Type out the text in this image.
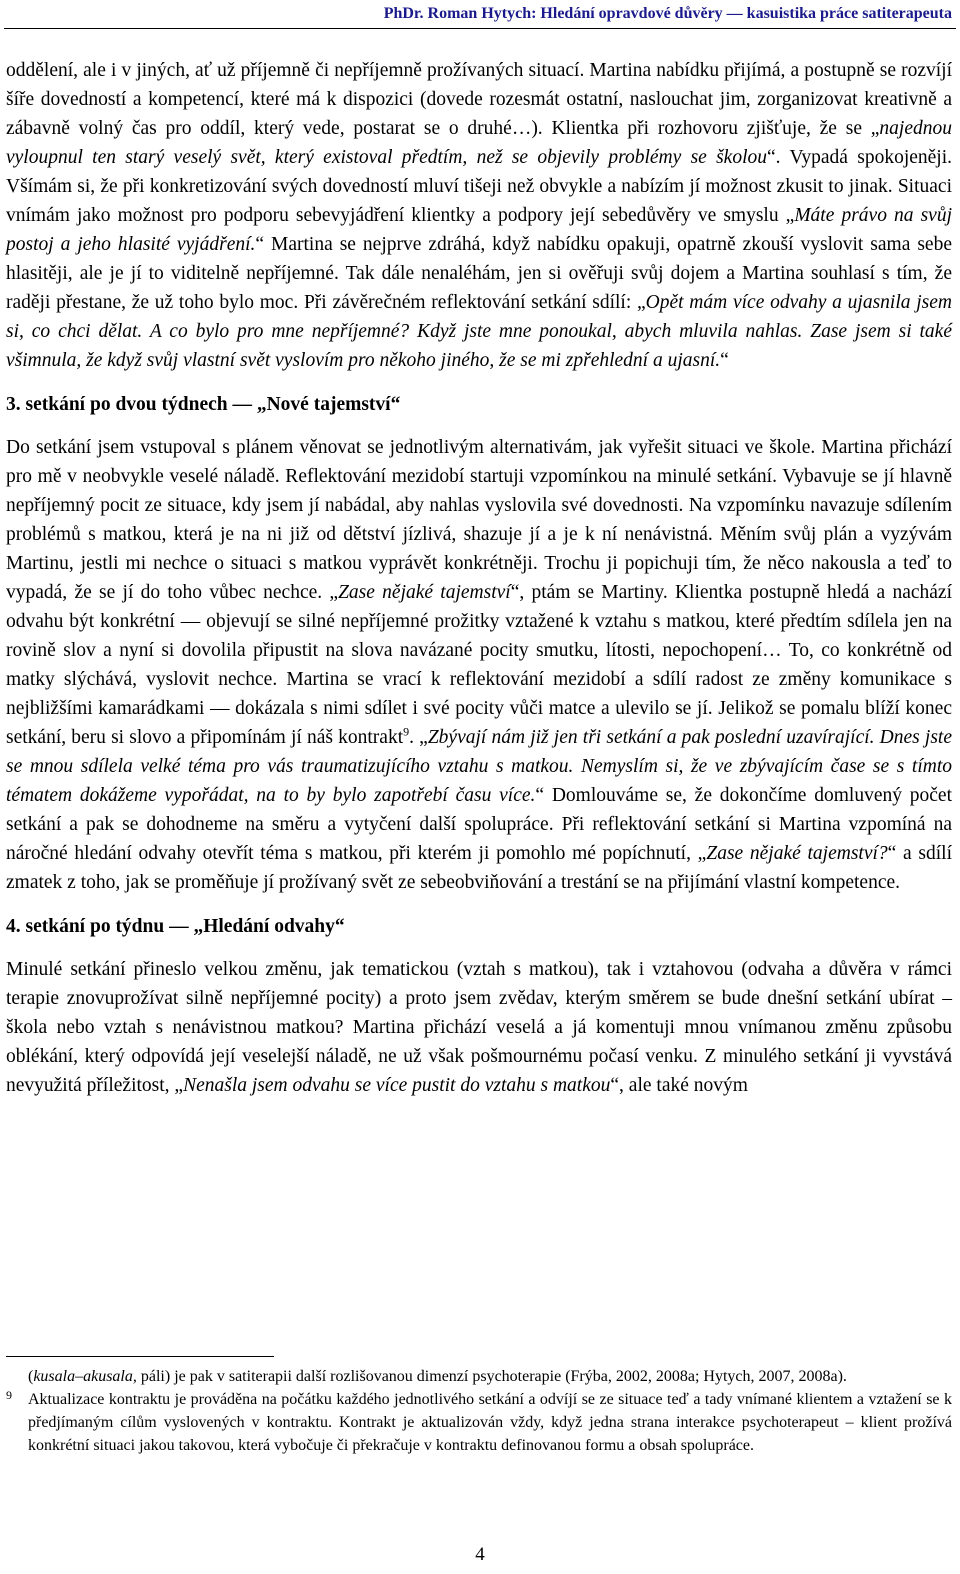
PhDr. Roman Hytych: Hledání opravdové důvěry — kasuistika práce satiterapeuta

oddělení, ale i v jiných, ať už příjemně či nepříjemně prožívaných situací. Martina nabídku přijímá, a postupně se rozvíjí šíře dovedností a kompetencí, které má k dispozici (dovede rozesmát ostatní, naslouchat jim, zorganizovat kreativně a zábavně volný čas pro oddíl, který vede, postarat se o druhé…). Klientka při rozhovoru zjišťuje, že se „najednou vyloupnul ten starý veselý svět, který existoval předtím, než se objevily problémy se školou“. Vypadá spokojeněji. Všímám si, že při konkretizování svých dovedností mluví tišeji než obvykle a nabízím jí možnost zkusit to jinak. Situaci vnímám jako možnost pro podporu sebevyjádření klientky a podpory její sebedůvěry ve smyslu „Máte právo na svůj postoj a jeho hlasité vyjádření.“ Martina se nejprve zdráhá, když nabídku opakuji, opatrně zkouší vyslovit sama sebe hlasitěji, ale je jí to viditelně nepříjemné. Tak dále nenaléhám, jen si ověřuji svůj dojem a Martina souhlasí s tím, že raději přestane, že už toho bylo moc. Při závěrečném reflektování setkání sdílí: „Opět mám více odvahy a ujasnila jsem si, co chci dělat. A co bylo pro mne nepříjemné? Když jste mne ponoukal, abych mluvila nahlas. Zase jsem si také všimnula, že když svůj vlastní svět vyslovím pro někoho jiného, že se mi zpřehlední a ujasní.“

3. setkání po dvou týdnech — „Nové tajemství“

Do setkání jsem vstupoval s plánem věnovat se jednotlivým alternativám, jak vyřešit situaci ve škole. Martina přichází pro mě v neobvykle veselé náladě. Reflektování mezidobí startuji vzpomínkou na minulé setkání. Vybavuje se jí hlavně nepříjemný pocit ze situace, kdy jsem jí nabádal, aby nahlas vyslovila své dovednosti. Na vzpomínku navazuje sdílením problémů s matkou, která je na ni již od dětství jízlivá, shazuje jí a je k ní nenávistná. Měním svůj plán a vyzývám Martinu, jestli mi nechce o situaci s matkou vyprávět konkrétněji. Trochu ji popichuji tím, že něco nakousla a teď to vypadá, že se jí do toho vůbec nechce. „Zase nějaké tajemství“, ptám se Martiny. Klientka postupně hledá a nachází odvahu být konkrétní — objevují se silné nepříjemné prožitky vztažené k vztahu s matkou, které předtím sdílela jen na rovině slov a nyní si dovolila připustit na slova navázané pocity smutku, lítosti, nepochopení… To, co konkrétně od matky slýchává, vyslovit nechce. Martina se vrací k reflektování mezidobí a sdílí radost ze změny komunikace s nejbližšími kamarádkami — dokázala s nimi sdílet i své pocity vůči matce a ulevilo se jí. Jelikož se pomalu blíží konec setkání, beru si slovo a připomínám jí náš kontrakt$^9$. „Zbývají nám již jen tři setkání a pak poslední uzavírající. Dnes jste se mnou sdílela velké téma pro vás traumatizujícího vztahu s matkou. Nemyslím si, že ve zbývajícím čase se s tímto tématem dokážeme vypořádat, na to by bylo zapotřebí času více.“ Domlouváme se, že dokončíme domluvený počet setkání a pak se dohodneme na směru a vytyčení další spolupráce. Při reflektování setkání si Martina vzpomíná na náročné hledání odvahy otevřít téma s matkou, při kterém ji pomohlo mé popíchnutí, „Zase nějaké tajemství?“ a sdílí zmatek z toho, jak se proměňuje jí prožívaný svět ze sebeobviňování a trestání se na přijímání vlastní kompetence.

4. setkání po týdnu — „Hledání odvahy“

Minulé setkání přineslo velkou změnu, jak tematickou (vztah s matkou), tak i vztahovou (odvaha a důvěra v rámci terapie znovuprožívat silně nepříjemné pocity) a proto jsem zvědav, kterým směrem se bude dnešní setkání ubírat – škola nebo vztah s nenávistnou matkou? Martina přichází veselá a já komentuji mnou vnímanou změnu způsobu oblékání, který odpovídá její veselejší náladě, ne už však pošmournému počasí venku. Z minulého setkání ji vyvstává nevyužitá příležitost, „Nenašla jsem odvahu se více pustit do vztahu s matkou“, ale také novým

(kusala–akusala, páli) je pak v satiterapii další rozlišovanou dimenzí psychoterapie (Frýba, 2002, 2008a; Hytych, 2007, 2008a).

9 Aktualizace kontraktu je prováděna na počátku každého jednotlivého setkání a odvíjí se ze situace teď a tady vnímané klientem a vztažení se k předjímaným cílům vyslovených v kontraktu. Kontrakt je aktualizován vždy, když jedna strana interakce psychoterapeut – klient prožívá konkrétní situaci jakou takovou, která vybočuje či překračuje v kontraktu definovanou formu a obsah spolupráce.

4
